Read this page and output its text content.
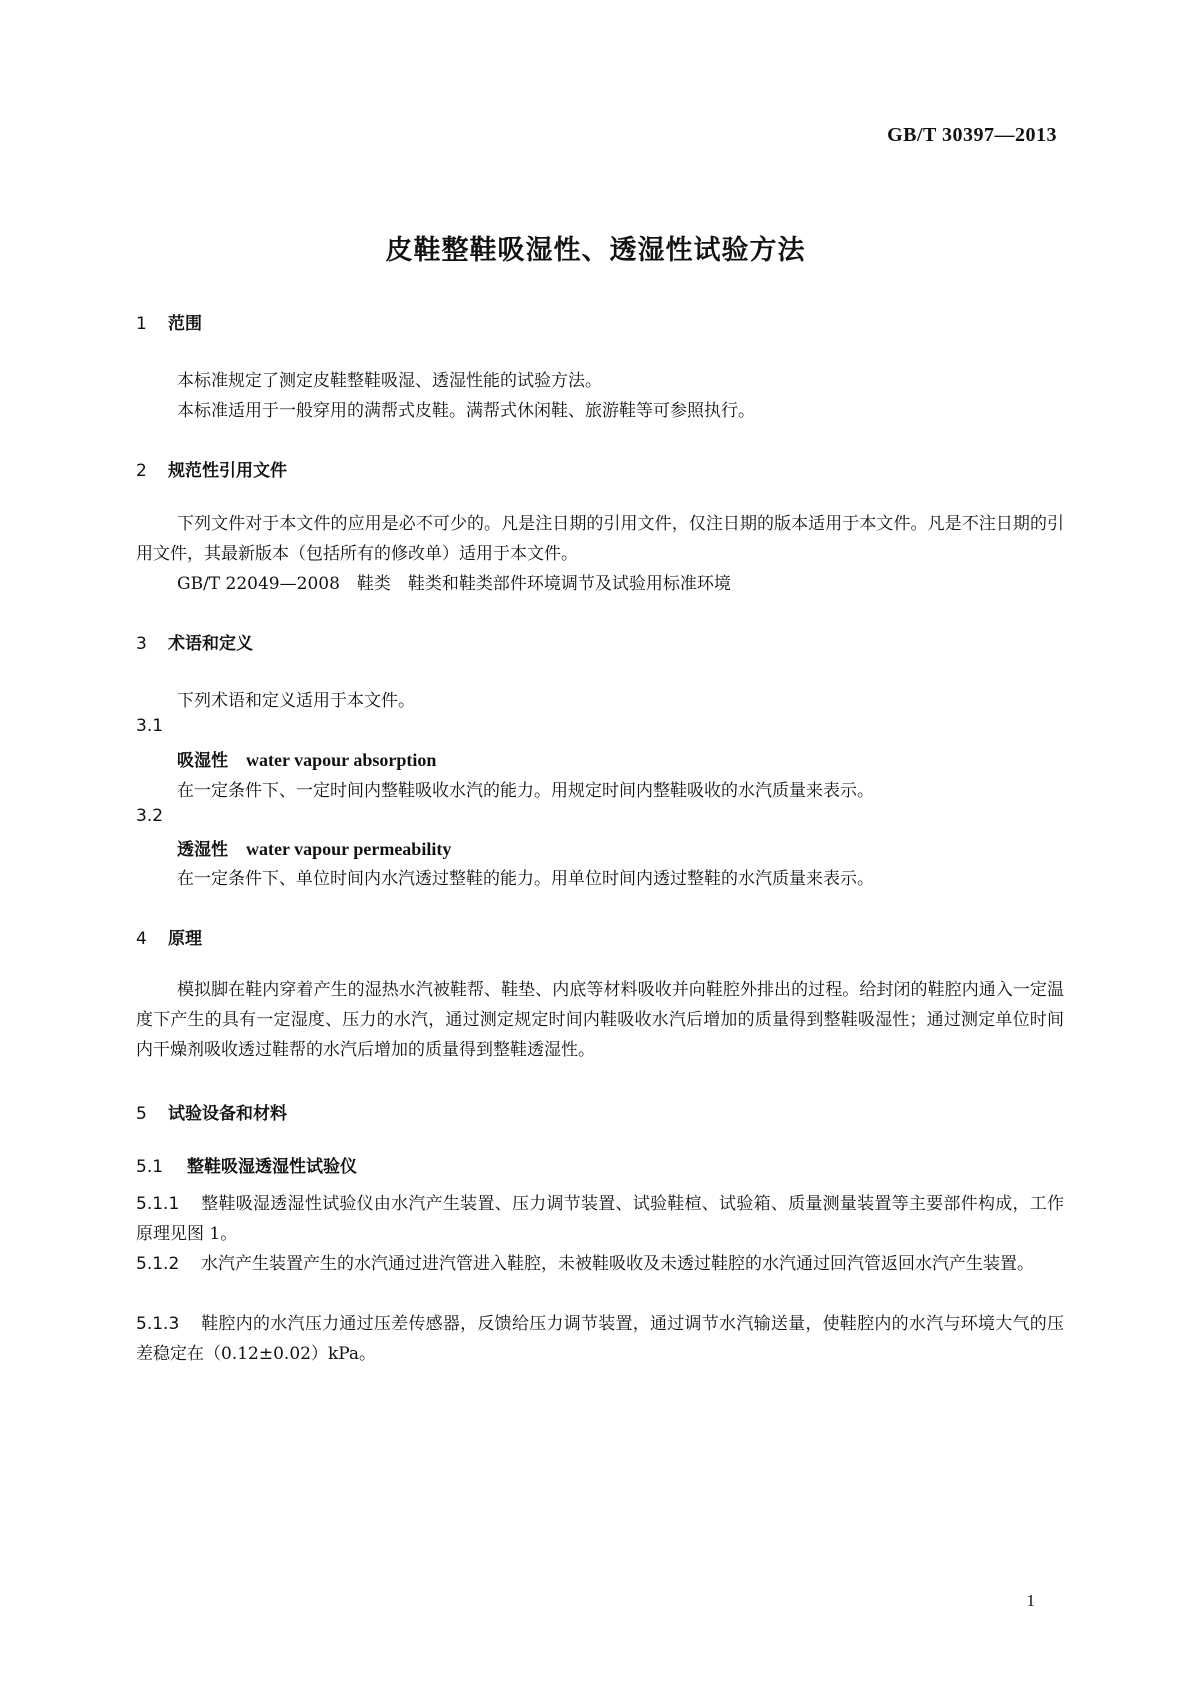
GB/T 30397—2013
皮鞋整鞋吸湿性、透湿性试验方法
1 范围
本标准规定了测定皮鞋整鞋吸湿、透湿性能的试验方法。
本标准适用于一般穿用的满帮式皮鞋。满帮式休闲鞋、旅游鞋等可参照执行。
2 规范性引用文件
下列文件对于本文件的应用是必不可少的。凡是注日期的引用文件，仅注日期的版本适用于本文件。凡是不注日期的引用文件，其最新版本（包括所有的修改单）适用于本文件。
GB/T 22049—2008　鞋类　鞋类和鞋类部件环境调节及试验用标准环境
3 术语和定义
下列术语和定义适用于本文件。
3.1
吸湿性 water vapour absorption
在一定条件下、一定时间内整鞋吸收水汽的能力。用规定时间内整鞋吸收的水汽质量来表示。
3.2
透湿性 water vapour permeability
在一定条件下、单位时间内水汽透过整鞋的能力。用单位时间内透过整鞋的水汽质量来表示。
4 原理
模拟脚在鞋内穿着产生的湿热水汽被鞋帮、鞋垫、内底等材料吸收并向鞋腔外排出的过程。给封闭的鞋腔内通入一定温度下产生的具有一定湿度、压力的水汽，通过测定规定时间内鞋吸收水汽后增加的质量得到整鞋吸湿性；通过测定单位时间内干燥剂吸收透过鞋帮的水汽后增加的质量得到整鞋透湿性。
5 试验设备和材料
5.1 整鞋吸湿透湿性试验仪
5.1.1 整鞋吸湿透湿性试验仪由水汽产生装置、压力调节装置、试验鞋楦、试验箱、质量测量装置等主要部件构成，工作原理见图 1。
5.1.2 水汽产生装置产生的水汽通过进汽管进入鞋腔，未被鞋吸收及未透过鞋腔的水汽通过回汽管返回水汽产生装置。
5.1.3 鞋腔内的水汽压力通过压差传感器，反馈给压力调节装置，通过调节水汽输送量，使鞋腔内的水汽与环境大气的压差稳定在（0.12±0.02）kPa。
1
